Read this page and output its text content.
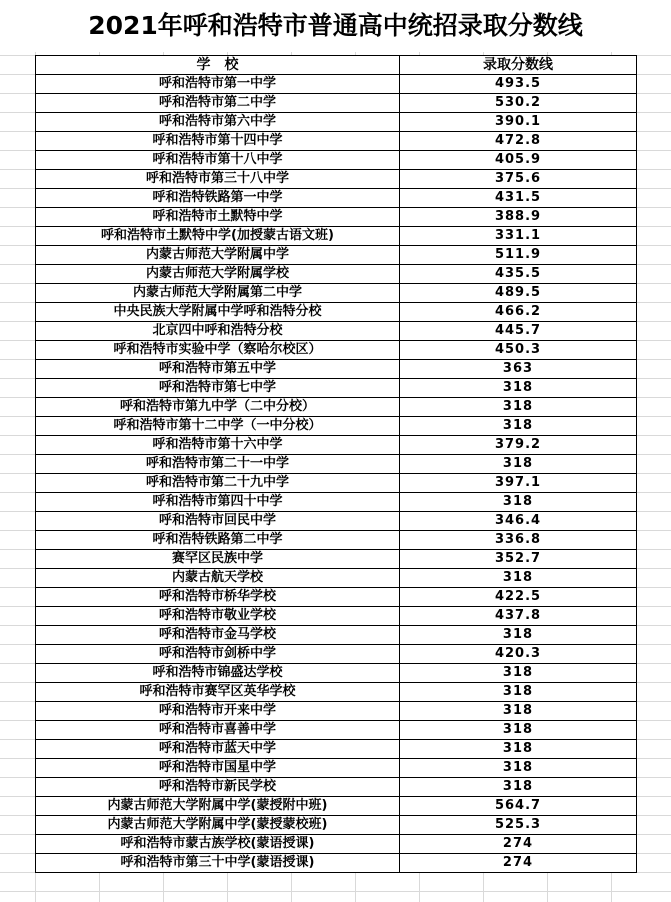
2021年呼和浩特市普通高中统招录取分数线
学　校	录取分数线
呼和浩特市第一中学	493.5
呼和浩特市第二中学	530.2
呼和浩特市第六中学	390.1
呼和浩特市第十四中学	472.8
呼和浩特市第十八中学	405.9
呼和浩特市第三十八中学	375.6
呼和浩特铁路第一中学	431.5
呼和浩特市土默特中学	388.9
呼和浩特市土默特中学(加授蒙古语文班)	331.1
内蒙古师范大学附属中学	511.9
内蒙古师范大学附属学校	435.5
内蒙古师范大学附属第二中学	489.5
中央民族大学附属中学呼和浩特分校	466.2
北京四中呼和浩特分校	445.7
呼和浩特市实验中学（察哈尔校区）	450.3
呼和浩特市第五中学	363
呼和浩特市第七中学	318
呼和浩特市第九中学（二中分校）	318
呼和浩特市第十二中学（一中分校）	318
呼和浩特市第十六中学	379.2
呼和浩特市第二十一中学	318
呼和浩特市第二十九中学	397.1
呼和浩特市第四十中学	318
呼和浩特市回民中学	346.4
呼和浩特铁路第二中学	336.8
赛罕区民族中学	352.7
内蒙古航天学校	318
呼和浩特市桥华学校	422.5
呼和浩特市敬业学校	437.8
呼和浩特市金马学校	318
呼和浩特市剑桥中学	420.3
呼和浩特市锦盛达学校	318
呼和浩特市赛罕区英华学校	318
呼和浩特市开来中学	318
呼和浩特市喜善中学	318
呼和浩特市蓝天中学	318
呼和浩特市国星中学	318
呼和浩特市新民学校	318
内蒙古师范大学附属中学(蒙授附中班)	564.7
内蒙古师范大学附属中学(蒙授蒙校班)	525.3
呼和浩特市蒙古族学校(蒙语授课)	274
呼和浩特市第三十中学(蒙语授课)	274
